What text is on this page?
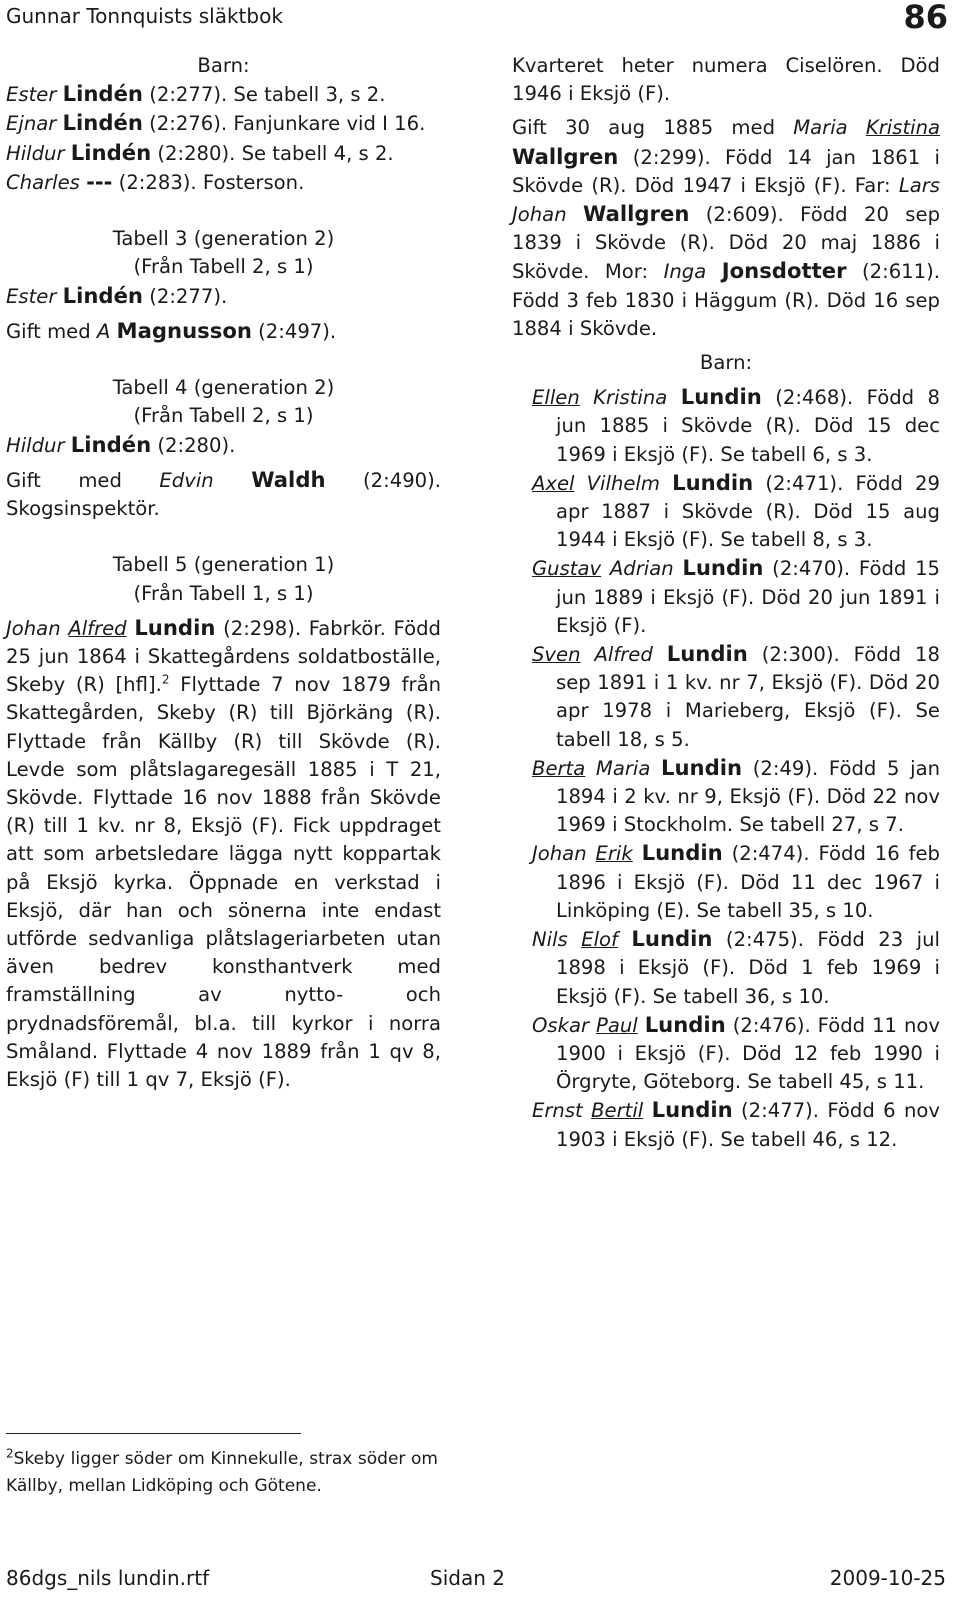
Gunnar Tonnquists släktbok	86
Barn:
Ester Lindén (2:277). Se tabell 3, s 2.
Ejnar Lindén (2:276). Fanjunkare vid I 16.
Hildur Lindén (2:280). Se tabell 4, s 2.
Charles --- (2:283). Fosterson.
Tabell 3 (generation 2)
(Från Tabell 2, s 1)
Ester Lindén (2:277).
Gift med A Magnusson (2:497).
Tabell 4 (generation 2)
(Från Tabell 2, s 1)
Hildur Lindén (2:280).
Gift med Edvin Waldh (2:490). Skogsinspektör.
Tabell 5 (generation 1)
(Från Tabell 1, s 1)
Johan Alfred Lundin (2:298). Fabrkör. Född 25 jun 1864 i Skattegårdens soldatboställe, Skeby (R) [hfl].$^2$ Flyttade 7 nov 1879 från Skattegården, Skeby (R) till Björkäng (R). Flyttade från Källby (R) till Skövde (R). Levde som plåtslagaregesäll 1885 i T 21, Skövde. Flyttade 16 nov 1888 från Skövde (R) till 1 kv. nr 8, Eksjö (F). Fick uppdraget att som arbetsledare lägga nytt koppartak på Eksjö kyrka. Öppnade en verkstad i Eksjö, där han och sönerna inte endast utförde sedvanliga plåtslageriarbeten utan även bedrev konsthantverk med framställning av nytto- och prydnadsföremål, bl.a. till kyrkor i norra Småland. Flyttade 4 nov 1889 från 1 qv 8, Eksjö (F) till 1 qv 7, Eksjö (F).
Kvarteret heter numera Ciselören. Död 1946 i Eksjö (F).
Gift 30 aug 1885 med Maria Kristina Wallgren (2:299). Född 14 jan 1861 i Skövde (R). Död 1947 i Eksjö (F). Far: Lars Johan Wallgren (2:609). Född 20 sep 1839 i Skövde (R). Död 20 maj 1886 i Skövde. Mor: Inga Jonsdotter (2:611). Född 3 feb 1830 i Häggum (R). Död 16 sep 1884 i Skövde.
Barn:
Ellen Kristina Lundin (2:468). Född 8 jun 1885 i Skövde (R). Död 15 dec 1969 i Eksjö (F). Se tabell 6, s 3.
Axel Vilhelm Lundin (2:471). Född 29 apr 1887 i Skövde (R). Död 15 aug 1944 i Eksjö (F). Se tabell 8, s 3.
Gustav Adrian Lundin (2:470). Född 15 jun 1889 i Eksjö (F). Död 20 jun 1891 i Eksjö (F).
Sven Alfred Lundin (2:300). Född 18 sep 1891 i 1 kv. nr 7, Eksjö (F). Död 20 apr 1978 i Marieberg, Eksjö (F). Se tabell 18, s 5.
Berta Maria Lundin (2:49). Född 5 jan 1894 i 2 kv. nr 9, Eksjö (F). Död 22 nov 1969 i Stockholm. Se tabell 27, s 7.
Johan Erik Lundin (2:474). Född 16 feb 1896 i Eksjö (F). Död 11 dec 1967 i Linköping (E). Se tabell 35, s 10.
Nils Elof Lundin (2:475). Född 23 jul 1898 i Eksjö (F). Död 1 feb 1969 i Eksjö (F). Se tabell 36, s 10.
Oskar Paul Lundin (2:476). Född 11 nov 1900 i Eksjö (F). Död 12 feb 1990 i Örgryte, Göteborg. Se tabell 45, s 11.
Ernst Bertil Lundin (2:477). Född 6 nov 1903 i Eksjö (F). Se tabell 46, s 12.
$^2$Skeby ligger söder om Kinnekulle, strax söder om Källby, mellan Lidköping och Götene.
86dgs_nils lundin.rtf	Sidan 2	2009-10-25
